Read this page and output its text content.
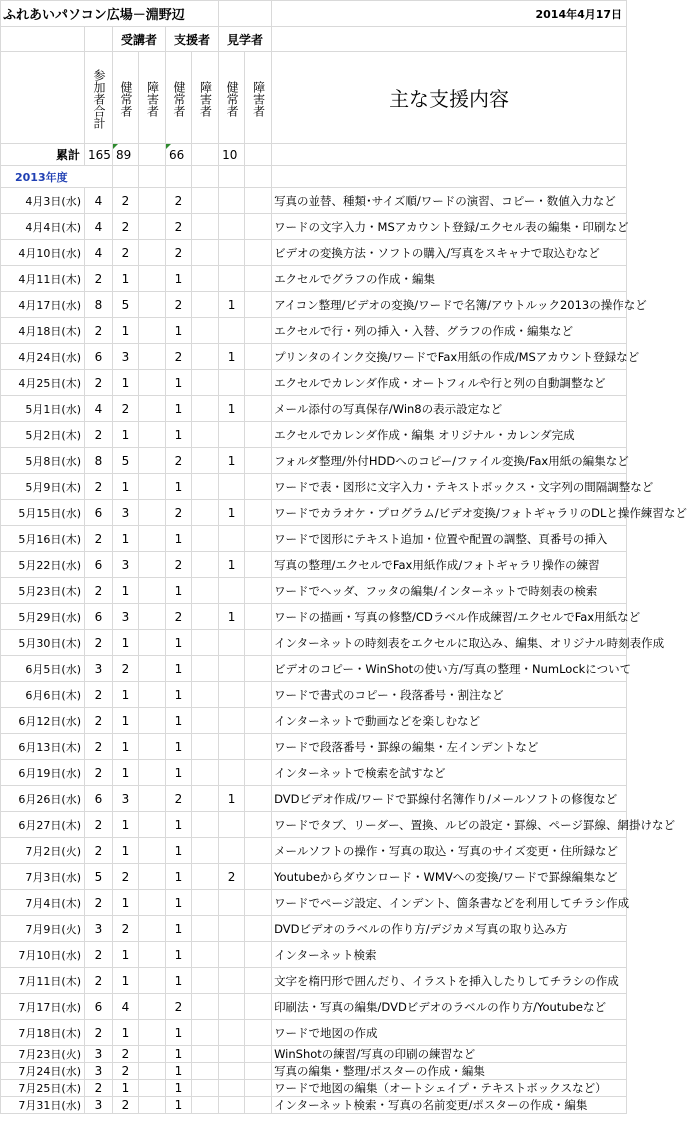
ふれあいパソコン広場－淵野辺								2014年4月17日
		受講者		支援者		見学者		
	参加者合計	健常者	障害者	健常者	障害者	健常者	障害者	主な支援内容
累計	165	89		66		10		
2013年度								
4月3日(水)	4	2		2				写真の並替、種類･サイズ順/ワードの演習、コピー・数値入力など
4月4日(木)	4	2		2				ワードの文字入力・MSアカウント登録/エクセル表の編集・印刷など
4月10日(水)	4	2		2				ビデオの変換方法・ソフトの購入/写真をスキャナで取込むなど
4月11日(木)	2	1		1				エクセルでグラフの作成・編集
4月17日(水)	8	5		2		1		アイコン整理/ビデオの変換/ワードで名簿/アウトルック2013の操作など
4月18日(木)	2	1		1				エクセルで行・列の挿入・入替、グラフの作成・編集など
4月24日(水)	6	3		2		1		プリンタのインク交換/ワードでFax用紙の作成/MSアカウント登録など
4月25日(木)	2	1		1				エクセルでカレンダ作成・オートフィルや行と列の自動調整など
5月1日(水)	4	2		1		1		メール添付の写真保存/Win8の表示設定など
5月2日(木)	2	1		1				エクセルでカレンダ作成・編集 オリジナル・カレンダ完成
5月8日(水)	8	5		2		1		フォルダ整理/外付HDDへのコピー/ファイル変換/Fax用紙の編集など
5月9日(木)	2	1		1				ワードで表・図形に文字入力・テキストボックス・文字列の間隔調整など
5月15日(水)	6	3		2		1		ワードでカラオケ・プログラム/ビデオ変換/フォトギャラリのDLと操作練習など
5月16日(木)	2	1		1				ワードで図形にテキスト追加・位置や配置の調整、頁番号の挿入
5月22日(水)	6	3		2		1		写真の整理/エクセルでFax用紙作成/フォトギャラリ操作の練習
5月23日(木)	2	1		1				ワードでヘッダ、フッタの編集/インターネットで時刻表の検索
5月29日(水)	6	3		2		1		ワードの描画・写真の修整/CDラベル作成練習/エクセルでFax用紙など
5月30日(木)	2	1		1				インターネットの時刻表をエクセルに取込み、編集、オリジナル時刻表作成
6月5日(水)	3	2		1				ビデオのコピー・WinShotの使い方/写真の整理・NumLockについて
6月6日(木)	2	1		1				ワードで書式のコピー・段落番号・割注など
6月12日(水)	2	1		1				インターネットで動画などを楽しむなど
6月13日(木)	2	1		1				ワードで段落番号・罫線の編集・左インデントなど
6月19日(水)	2	1		1				インターネットで検索を試すなど
6月26日(水)	6	3		2		1		DVDビデオ作成/ワードで罫線付名簿作り/メールソフトの修復など
6月27日(木)	2	1		1				ワードでタブ、リーダー、置換、ルビの設定・罫線、ページ罫線、網掛けなど
7月2日(火)	2	1		1				メールソフトの操作・写真の取込・写真のサイズ変更・住所録など
7月3日(水)	5	2		1		2		Youtubeからダウンロード・WMVへの変換/ワードで罫線編集など
7月4日(木)	2	1		1				ワードでページ設定、インデント、箇条書などを利用してチラシ作成
7月9日(火)	3	2		1				DVDビデオのラベルの作り方/デジカメ写真の取り込み方
7月10日(水)	2	1		1				インターネット検索
7月11日(木)	2	1		1				文字を楕円形で囲んだり、イラストを挿入したりしてチラシの作成
7月17日(水)	6	4		2				印刷法・写真の編集/DVDビデオのラベルの作り方/Youtubeなど
7月18日(木)	2	1		1				ワードで地図の作成
7月23日(火)	3	2		1				WinShotの練習/写真の印刷の練習など
7月24日(水)	3	2		1				写真の編集・整理/ポスターの作成・編集
7月25日(木)	2	1		1				ワードで地図の編集（オートシェイプ・テキストボックスなど）
7月31日(水)	3	2		1				インターネット検索・写真の名前変更/ポスターの作成・編集
